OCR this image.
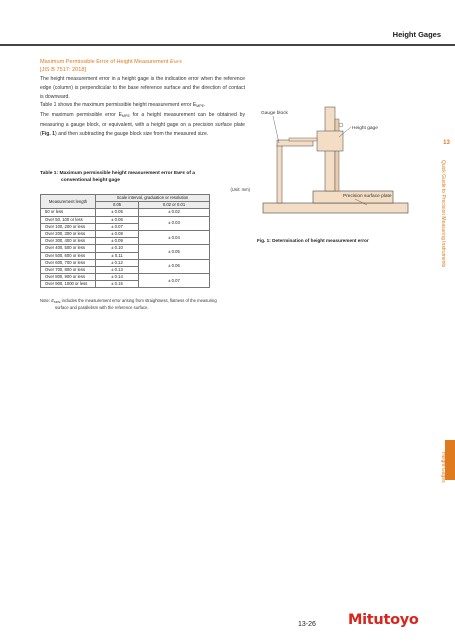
Height Gages
Maximum Permissible Error of Height Measurement EMPE
[JIS B 7517: 2018]

The height measurement error in a height gage is the indication error when the reference edge (column) is perpendicular to the base reference surface and the direction of contact is downward.

Table 1 shows the maximum permissible height measurement error $E_{MPE}$.

The maximum permissible error $E_{MPE}$ for a height measurement can be obtained by measuring a gauge block, or equivalent, with a height gage on a precision surface plate (Fig. 1) and then subtracting the gauge block size from the measured size.

Table 1: Maximum permissible height measurement error EMPE of a
conventional height gage
(Unit: mm)
Measurement length	Scale interval, graduation or resolution	
	0.05	0.02 or 0.01
50 or less	± 0.05	± 0.02
Over 50, 100 or less	± 0.06	± 0.03
Over 100, 200 or less	± 0.07	
Over 200, 300 or less	± 0.08	± 0.04
Over 300, 400 or less	± 0.09	
Over 400, 500 or less	± 0.10	± 0.05
Over 500, 600 or less	± 0.11	
Over 600, 700 or less	± 0.12	± 0.06
Over 700, 800 or less	± 0.13	
Over 800, 900 or less	± 0.14	± 0.07
Over 900, 1000 or less	± 0.15	
Note: $E_{MPE}$ includes the measurement error arising from straightness, flatness of the measuring
surface and parallelism with the reference surface.
Gauge block
Height gage
Precision surface plate
Fig. 1: Determination of height measurement error
13
Quick Guide to Precision Measuring Instruments
Height Gages
13-26 Mitutoyo
